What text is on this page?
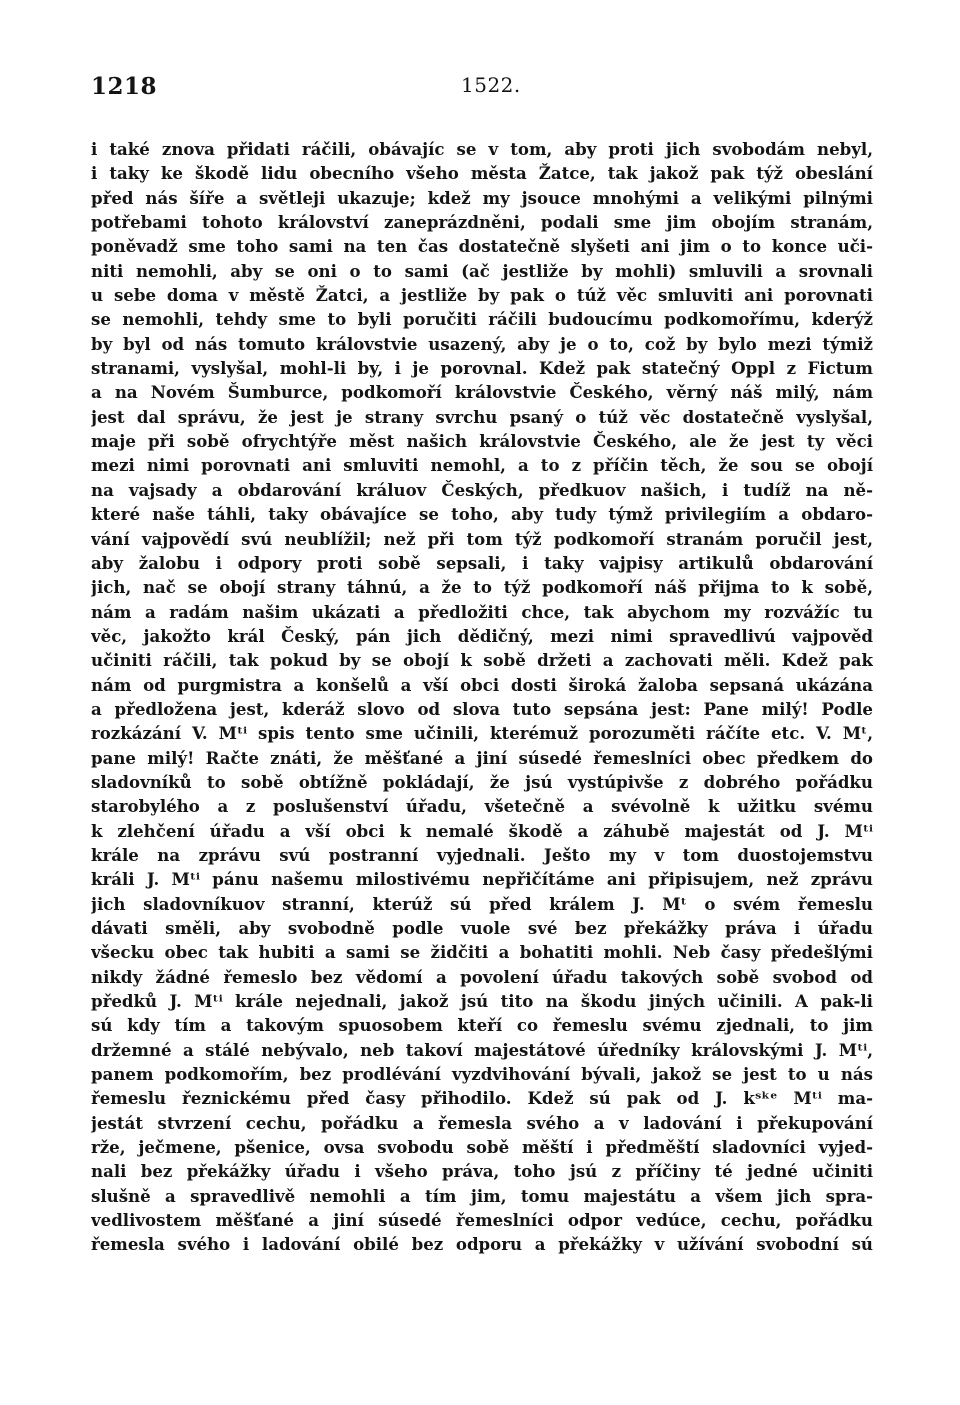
1218	1522.
i také znova přidati ráčili, obávajíc se v tom, aby proti jich svobodám nebyl,
i taky ke škodě lidu obecního všeho města Žatce, tak jakož pak týž obeslání
před nás šíře a světleji ukazuje; kdež my jsouce mnohými a velikými pilnými
potřebami tohoto království zaneprázdněni, podali sme jim obojím stranám,
poněvadž sme toho sami na ten čas dostatečně slyšeti ani jim o to konce uči-
niti nemohli, aby se oni o to sami (ač jestliže by mohli) smluvili a srovnali
u sebe doma v městě Žatci, a jestliže by pak o túž věc smluviti ani porovnati
se nemohli, tehdy sme to byli poručiti ráčili budoucímu podkomořímu, kderýž
by byl od nás tomuto královstvie usazený, aby je o to, což by bylo mezi týmiž
stranami, vyslyšal, mohl-li by, i je porovnal. Kdež pak statečný Oppl z Fictum
a na Novém Šumburce, podkomoří královstvie Českého, věrný náš milý, nám
jest dal správu, že jest je strany svrchu psaný o túž věc dostatečně vyslyšal,
maje při sobě ofrychtýře měst našich královstvie Českého, ale že jest ty věci
mezi nimi porovnati ani smluviti nemohl, a to z příčin těch, že sou se obojí
na vajsady a obdarování králuov Českých, předkuov našich, i tudíž na ně-
které naše táhli, taky obávajíce se toho, aby tudy týmž privilegiím a obdaro-
vání vajpovědí svú neublížil; než při tom týž podkomoří stranám poručil jest,
aby žalobu i odpory proti sobě sepsali, i taky vajpisy artikulů obdarování
jich, nač se obojí strany táhnú, a že to týž podkomoří náš přijma to k sobě,
nám a radám našim ukázati a předložiti chce, tak abychom my rozvážíc tu
věc, jakožto král Český, pán jich dědičný, mezi nimi spravedlivú vajpověď
učiniti ráčili, tak pokud by se obojí k sobě držeti a zachovati měli. Kdež pak
nám od purgmistra a konšelů a vší obci dosti široká žaloba sepsaná ukázána
a předložena jest, kderáž slovo od slova tuto sepsána jest: Pane milý! Podle
rozkázání V. Mᵗⁱ spis tento sme učinili, kterémuž porozuměti ráčíte etc. V. Mᵗ,
pane milý! Račte znáti, že měšťané a jiní súsedé řemeslníci obec předkem do
sladovníků to sobě obtížně pokládají, že jsú vystúpivše z dobrého pořádku
starobylého a z poslušenství úřadu, všetečně a svévolně k užitku svému
k zlehčení úřadu a vší obci k nemalé škodě a záhubě majestát od J. Mᵗⁱ
krále na zprávu svú postranní vyjednali. Ješto my v tom duostojemstvu
králi J. Mᵗⁱ pánu našemu milostivému nepřičítáme ani připisujem, než zprávu
jich sladovníkuov stranní, kterúž sú před králem J. Mᵗ o svém řemeslu
dávati směli, aby svobodně podle vuole své bez překážky práva i úřadu
všecku obec tak hubiti a sami se židčiti a bohatiti mohli. Neb časy předešlými
nikdy žádné řemeslo bez vědomí a povolení úřadu takových sobě svobod od
předků J. Mᵗⁱ krále nejednali, jakož jsú tito na škodu jiných učinili. A pak-li
sú kdy tím a takovým spuosobem kteří co řemeslu svému zjednali, to jim
držemné a stálé nebývalo, neb takoví majestátové úředníky královskými J. Mᵗⁱ,
panem podkomořím, bez prodlévání vyzdvihování bývali, jakož se jest to u nás
řemeslu řeznickému před časy přihodilo. Kdež sú pak od J. kˢᵏᵉ Mᵗⁱ ma-
jestát stvrzení cechu, pořádku a řemesla svého a v ladování i překupování
rže, ječmene, pšenice, ovsa svobodu sobě měští i předměští sladovníci vyjed-
nali bez překážky úřadu i všeho práva, toho jsú z příčiny té jedné učiniti
slušně a spravedlivě nemohli a tím jim, tomu majestátu a všem jich spra-
vedlivostem měšťané a jiní súsedé řemeslníci odpor vedúce, cechu, pořádku
řemesla svého i ladování obilé bez odporu a překážky v užívání svobodní sú
